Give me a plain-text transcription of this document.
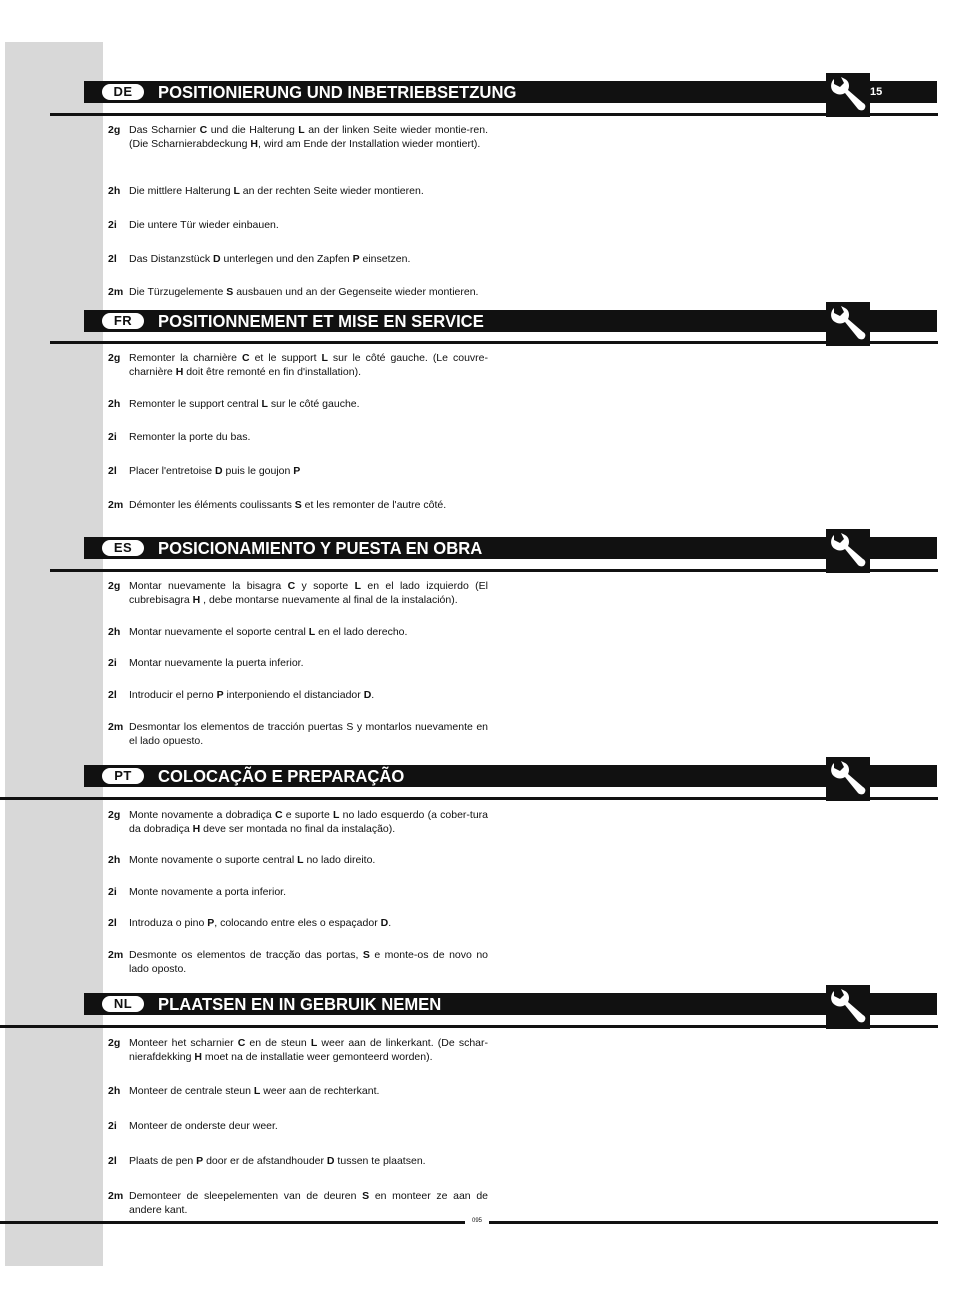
DE	POSITIONIERUNG UND INBETRIEBSETZUNG	15
2g Das Scharnier C und die Halterung L an der linken Seite wieder montie-ren. (Die Scharnierabdeckung H, wird am Ende der Installation wieder montiert).
2h Die mittlere Halterung L an der rechten Seite wieder montieren.
2i	Die untere Tür wieder einbauen.
2l	Das Distanzstück D unterlegen und den Zapfen P einsetzen.
2m Die Türzugelemente S ausbauen und an der Gegenseite wieder montieren.
FR	POSITIONNEMENT ET MISE EN SERVICE
2g Remonter la charnière C et le support L sur le côté gauche. (Le couvre-charnière H doit être remonté en fin d'installation).
2h Remonter le support central L sur le côté gauche.
2i	Remonter la porte du bas.
2l	Placer l'entretoise D puis le goujon P
2m Démonter les éléments coulissants S et les remonter de l'autre côté.
ES	POSICIONAMIENTO Y PUESTA EN OBRA
2g Montar nuevamente la bisagra C y soporte L en el lado izquierdo (El cubrebisagra H , debe montarse nuevamente al final de la instalación).
2h Montar nuevamente el soporte central L en el lado derecho.
2i	Montar nuevamente la puerta inferior.
2l	Introducir el perno P interponiendo el distanciador D.
2m Desmontar los elementos de tracción puertas S y montarlos nuevamente en el lado opuesto.
PT	COLOCAÇÃO E PREPARAÇÃO
2g Monte novamente a dobradiça C e suporte L no lado esquerdo (a cober-tura da dobradiça H deve ser montada no final da instalação).
2h Monte novamente o suporte central L no lado direito.
2i	Monte novamente a porta inferior.
2l	Introduza o pino P, colocando entre eles o espaçador D.
2m Desmonte os elementos de tracção das portas, S e monte-os de novo no lado oposto.
NL	PLAATSEN EN IN GEBRUIK NEMEN
2g Monteer het scharnier C en de steun L weer aan de linkerkant. (De schar-nierafdekking H moet na de installatie weer gemonteerd worden).
2h Monteer de centrale steun L weer aan de rechterkant.
2i	Monteer de onderste deur weer.
2l	Plaats de pen P door er de afstandhouder D tussen te plaatsen.
2m Demonteer de sleepelementen van de deuren S en monteer ze aan de andere kant.
095
